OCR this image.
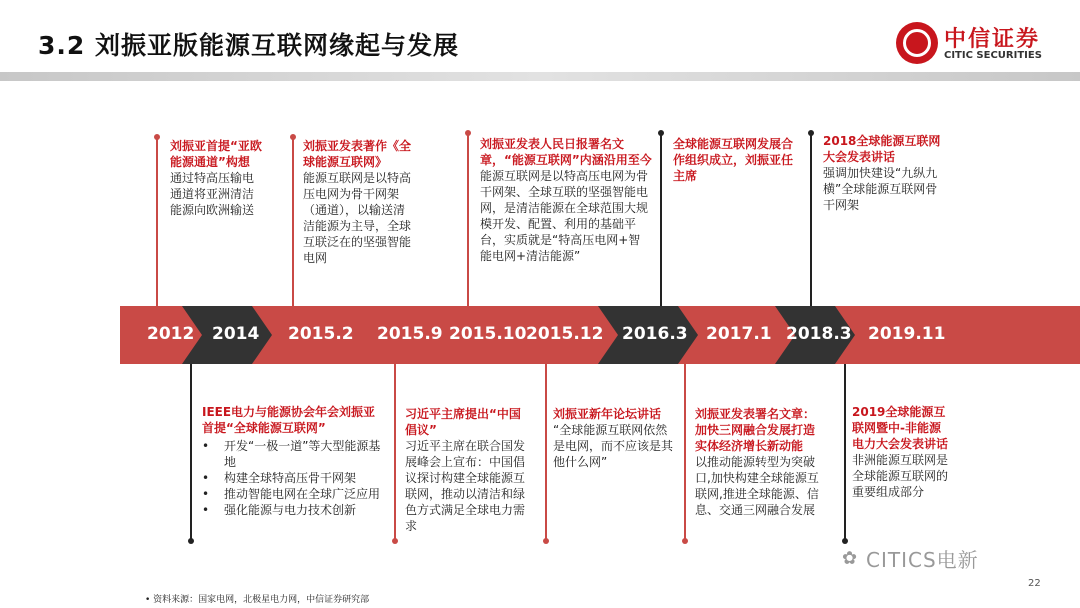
3.2 刘振亚版能源互联网缘起与发展	中信证券
CITIC SECURITIES
2012 2014 2015.2 2015.9 2015.10 2015.12 2016.3 2017.1 2018.3 2019.11
刘振亚首提“亚欧能源通道”构想
通过特高压输电通道将亚洲清洁能源向欧洲输送
刘振亚发表著作《全球能源互联网》
能源互联网是以特高压电网为骨干网架（通道），以输送清洁能源为主导，全球互联泛在的坚强智能电网
刘振亚发表人民日报署名文章，“能源互联网”内涵沿用至今
能源互联网是以特高压电网为骨干网架、全球互联的坚强智能电网，是清洁能源在全球范围大规模开发、配置、利用的基础平台，实质就是“特高压电网+智能电网+清洁能源”
全球能源互联网发展合作组织成立，刘振亚任主席
2018全球能源互联网大会发表讲话
强调加快建设“九纵九横”全球能源互联网骨干网架
IEEE电力与能源协会年会刘振亚首提“全球能源互联网”
• 开发“一极一道”等大型能源基地
• 构建全球特高压骨干网架
• 推动智能电网在全球广泛应用
• 强化能源与电力技术创新
习近平主席提出“中国倡议”
习近平主席在联合国发展峰会上宣布：中国倡议探讨构建全球能源互联网，推动以清洁和绿色方式满足全球电力需求
刘振亚新年论坛讲话
“全球能源互联网依然是电网，而不应该是其他什么网”
刘振亚发表署名文章：加快三网融合发展打造实体经济增长新动能
以推动能源转型为突破口,加快构建全球能源互联网,推进全球能源、信息、交通三网融合发展
2019全球能源互联网暨中-非能源电力大会发表讲话
非洲能源互联网是全球能源互联网的重要组成部分
• 资料来源：国家电网，北极星电力网，中信证券研究部
22
✿ CITICS电新
